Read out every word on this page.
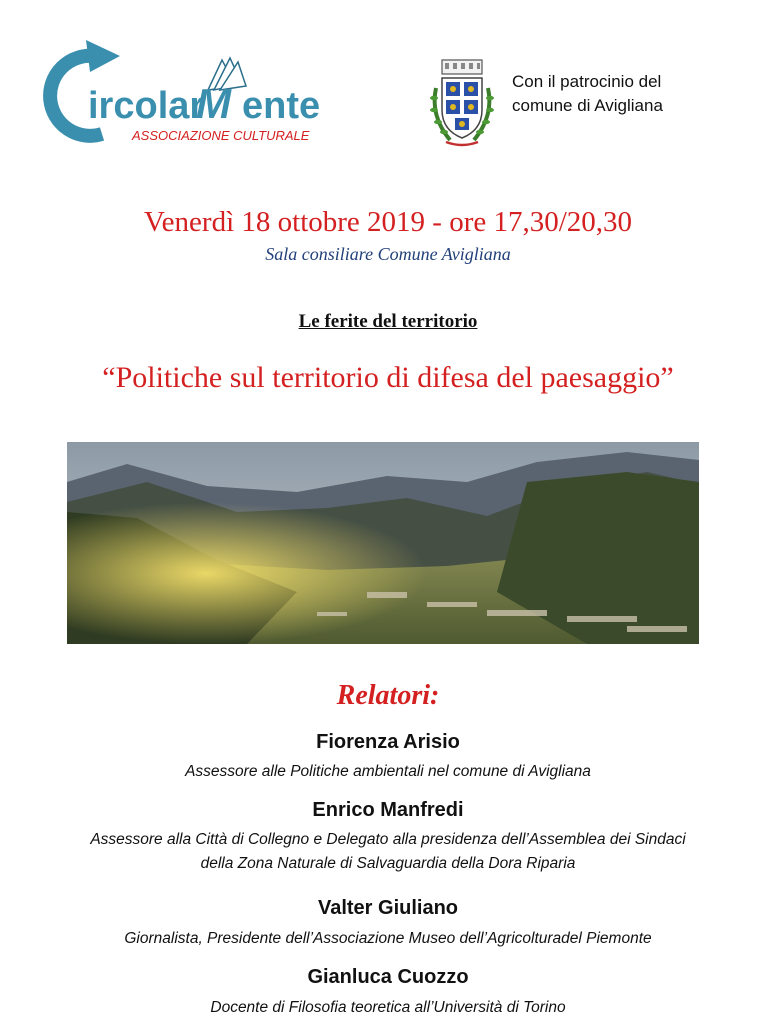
ircolar
M ente
ASSOCIAZIONE CULTURALE
Con il patrocinio del
comune di Avigliana
Venerdì 18 ottobre 2019 - ore 17,30/20,30
Sala consiliare Comune Avigliana
Le ferite del territorio
“Politiche sul territorio di difesa del paesaggio”
Relatori:
Fiorenza Arisio
Assessore alle Politiche ambientali nel comune di Avigliana
Enrico Manfredi
Assessore alla Città di Collegno e Delegato alla presidenza dell’Assemblea dei Sindaci
della Zona Naturale di Salvaguardia della Dora Riparia
Valter Giuliano
Giornalista, Presidente dell’Associazione Museo dell’Agricolturadel Piemonte
Gianluca Cuozzo
Docente di Filosofia teoretica all’Università di Torino
